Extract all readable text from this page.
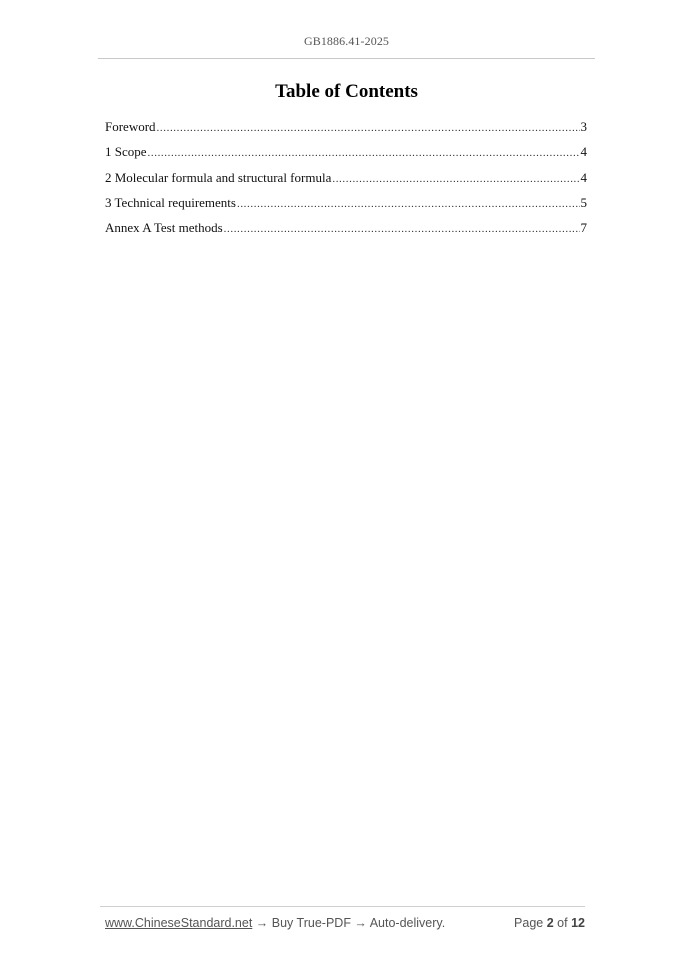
GB1886.41-2025
Table of Contents
Foreword .....	3
1 Scope .....	4
2 Molecular formula and structural formula .....	4
3 Technical requirements .....	5
Annex A Test methods .....	7
www.ChineseStandard.net → Buy True-PDF → Auto-delivery.	Page 2 of 12
